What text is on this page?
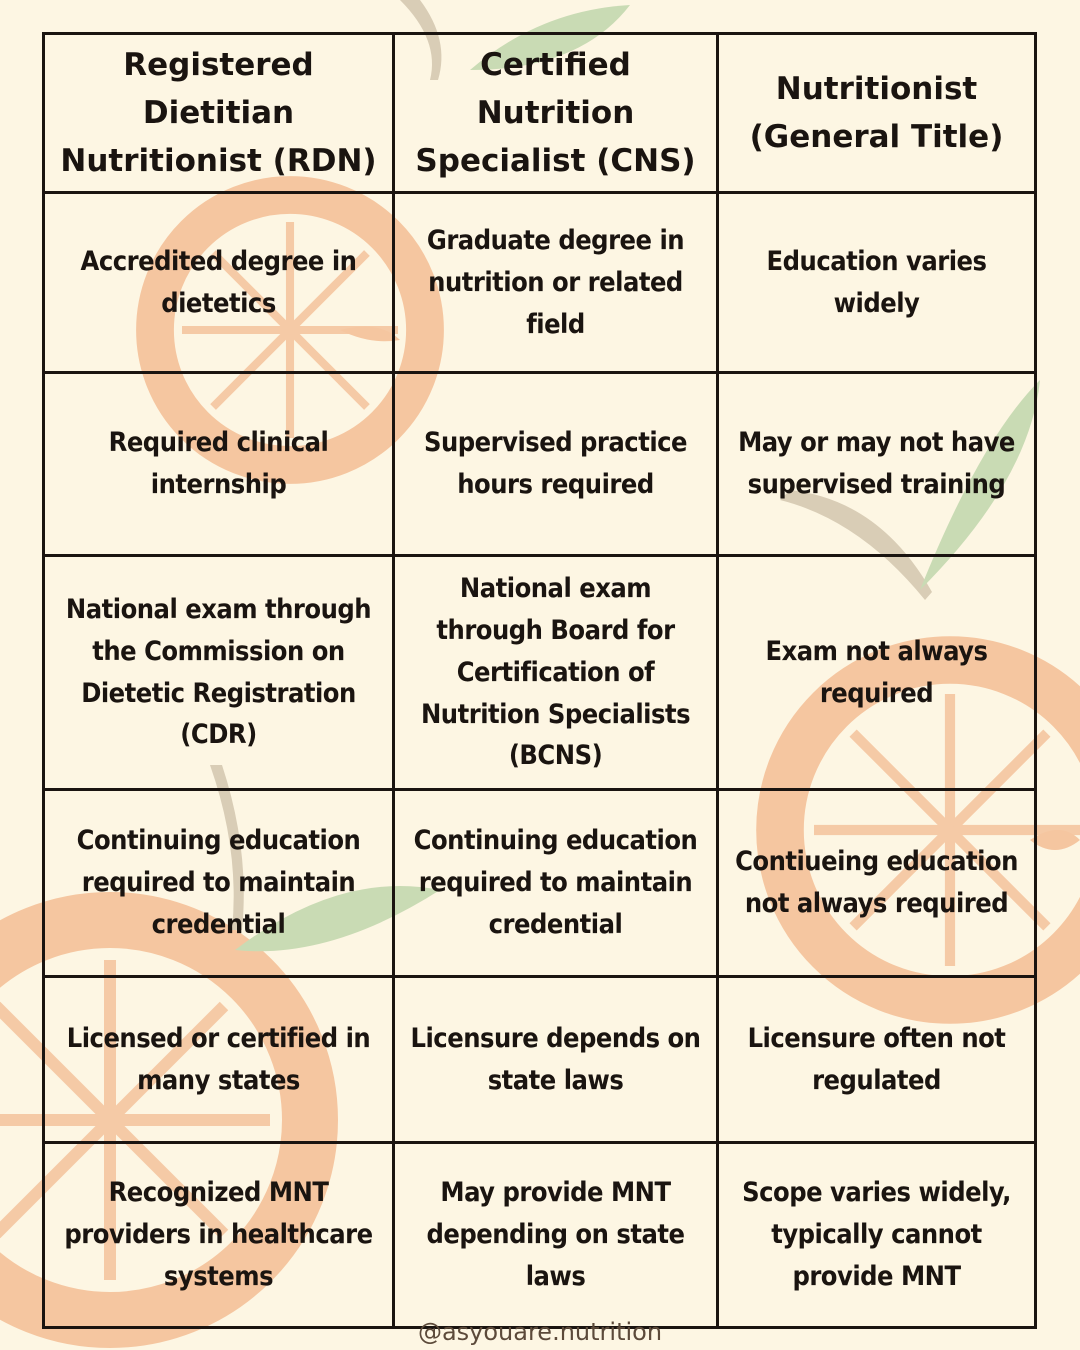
Registered Dietitian Nutritionist (RDN)	Certified Nutrition Specialist (CNS)	Nutritionist (General Title)
Accredited degree in dietetics	Graduate degree in nutrition or related field	Education varies widely
Required clinical internship	Supervised practice hours required	May or may not have supervised training
National exam through the Commission on Dietetic Registration (CDR)	National exam through Board for Certification of Nutrition Specialists (BCNS)	Exam not always required
Continuing education required to maintain credential	Continuing education required to maintain credential	Contiueing education not always required
Licensed or certified in many states	Licensure depends on state laws	Licensure often not regulated
Recognized MNT providers in healthcare systems	May provide MNT depending on state laws	Scope varies widely, typically cannot provide MNT
@asyouare.nutrition
